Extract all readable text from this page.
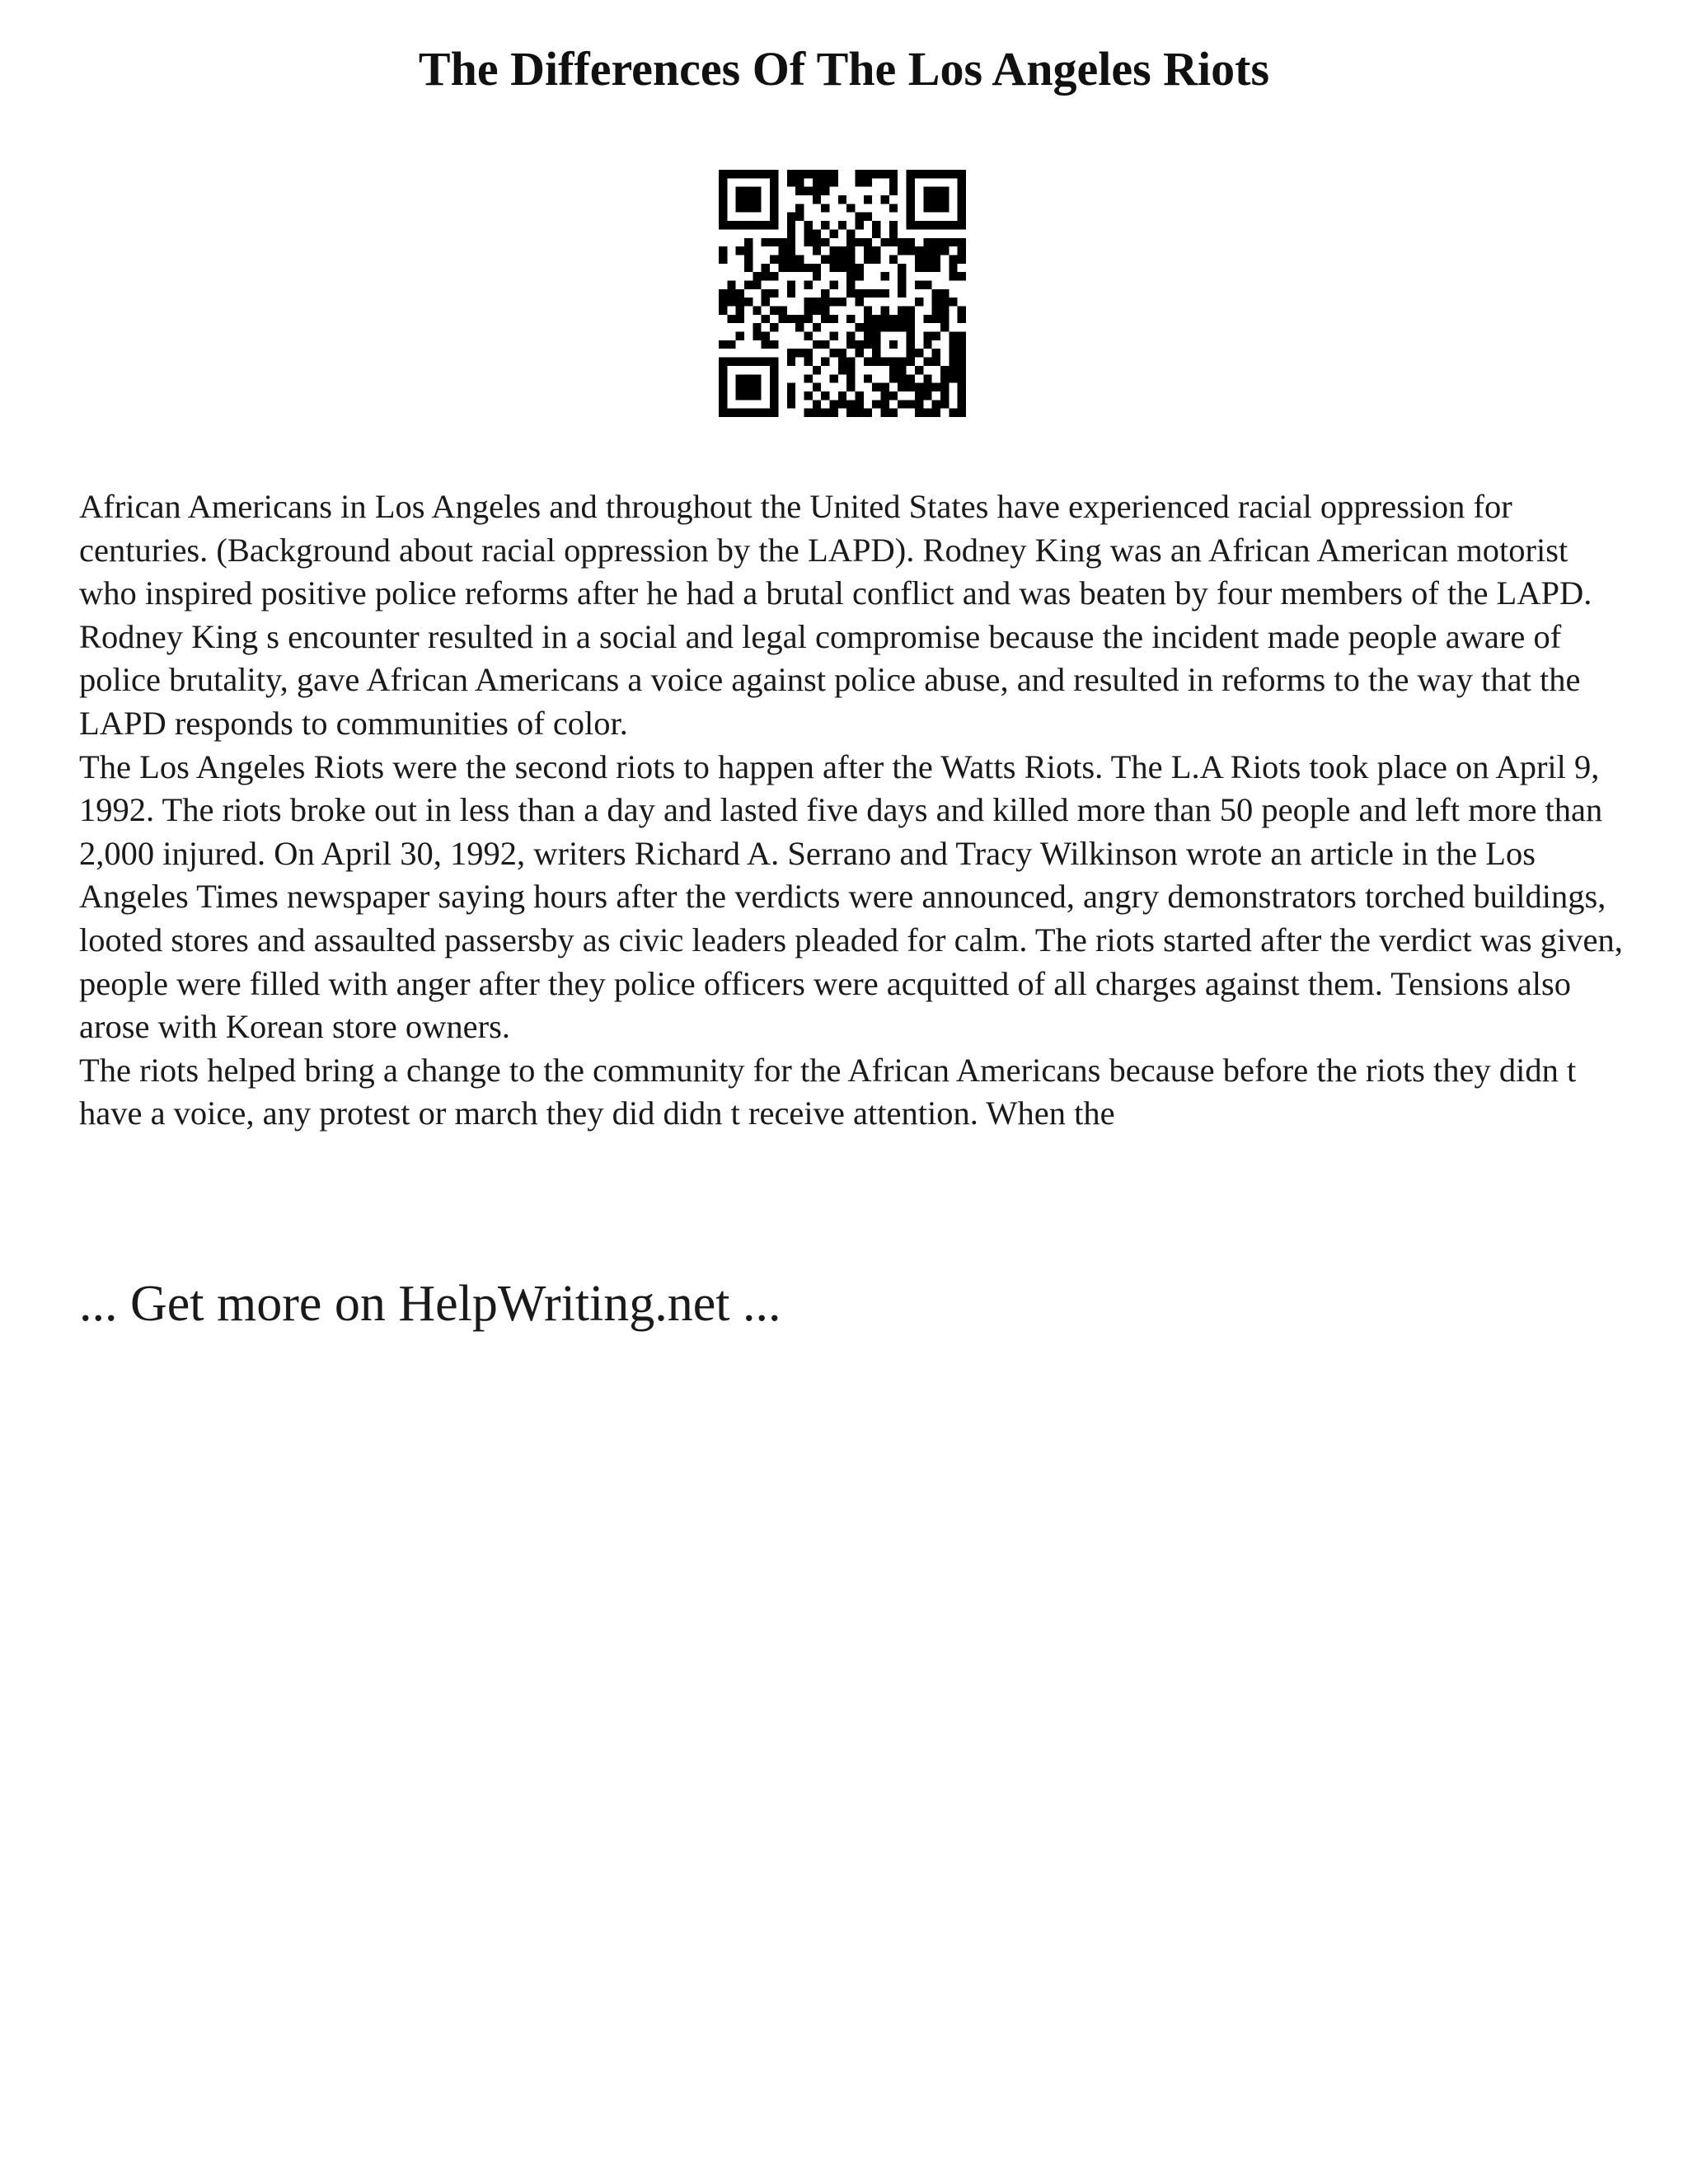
The Differences Of The Los Angeles Riots

African Americans in Los Angeles and throughout the United States have experienced racial oppression for centuries. (Background about racial oppression by the LAPD). Rodney King was an African American motorist who inspired positive police reforms after he had a brutal conflict and was beaten by four members of the LAPD. Rodney King s encounter resulted in a social and legal compromise because the incident made people aware of police brutality, gave African Americans a voice against police abuse, and resulted in reforms to the way that the LAPD responds to communities of color.

The Los Angeles Riots were the second riots to happen after the Watts Riots. The L.A Riots took place on April 9, 1992. The riots broke out in less than a day and lasted five days and killed more than 50 people and left more than 2,000 injured. On April 30, 1992, writers Richard A. Serrano and Tracy Wilkinson wrote an article in the Los Angeles Times newspaper saying hours after the verdicts were announced, angry demonstrators torched buildings, looted stores and assaulted passersby as civic leaders pleaded for calm. The riots started after the verdict was given, people were filled with anger after they police officers were acquitted of all charges against them. Tensions also arose with Korean store owners.

The riots helped bring a change to the community for the African Americans because before the riots they didn t have a voice, any protest or march they did didn t receive attention. When the

... Get more on HelpWriting.net ...
